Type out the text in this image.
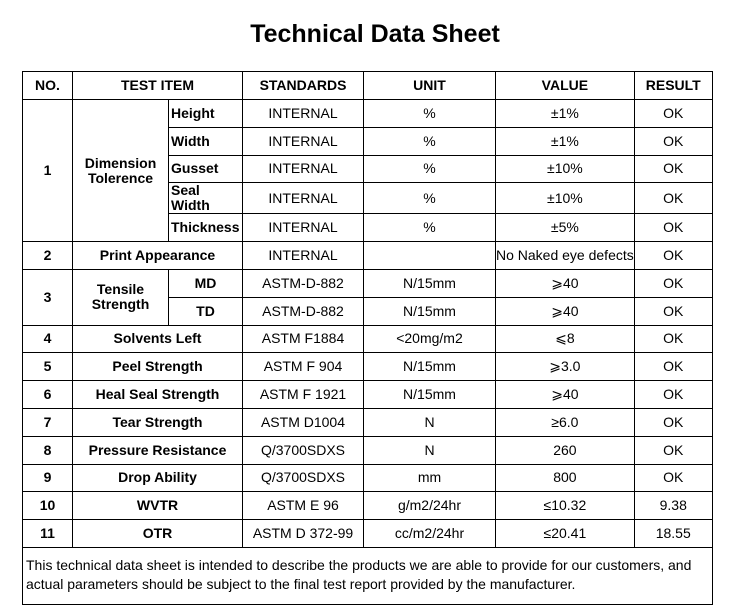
Technical Data Sheet
NO.	TEST ITEM		STANDARDS	UNIT	VALUE	RESULT
1	Dimension Tolerence	Height	INTERNAL	%	±1%	OK
		Width	INTERNAL	%	±1%	OK
		Gusset	INTERNAL	%	±10%	OK
		Seal Width	INTERNAL	%	±10%	OK
		Thickness	INTERNAL	%	±5%	OK
2	Print Appearance		INTERNAL		No Naked eye defects	OK
3	Tensile Strength	MD	ASTM-D-882	N/15mm	⩾40	OK
		TD	ASTM-D-882	N/15mm	⩾40	OK
4	Solvents Left		ASTM F1884	<20mg/m2	⩽8	OK
5	Peel Strength		ASTM F 904	N/15mm	⩾3.0	OK
6	Heal Seal Strength		ASTM F 1921	N/15mm	⩾40	OK
7	Tear Strength		ASTM D1004	N	≥6.0	OK
8	Pressure Resistance		Q/3700SDXS	N	260	OK
9	Drop Ability		Q/3700SDXS	mm	800	OK
10	WVTR		ASTM E 96	g/m2/24hr	≤10.32	9.38
11	OTR		ASTM D 372-99	cc/m2/24hr	≤20.41	18.55
This technical data sheet is intended to describe the products we are able to provide for our customers, and actual parameters should be subject to the final test report provided by the manufacturer.						
